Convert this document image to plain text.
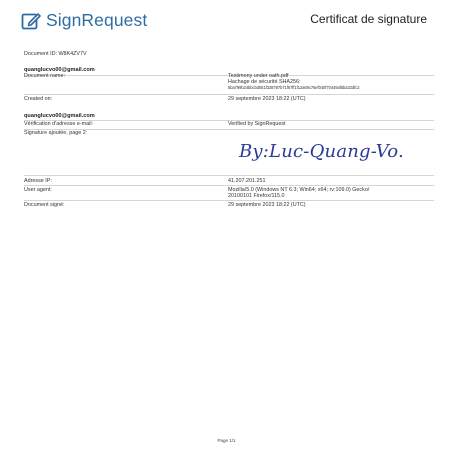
SignRequest	Certificat de signature
Document ID: W8K4ZV7V
quanglucvo00@gmail.com
Document name:	Testimony under oath.pdf
Hachage de sécurité SHA256:
5ba799b24bbcbd051f328787b71f67ff1f12a69c76ef040f70449af5ba32dfc2
Created on:	29 septembre 2023 18:22 (UTC)
quanglucvo00@gmail.com
Vérification d'adresse e-mail:	Verified by SignRequest
Signature ajoutée, page 2:
By:Luc-Quang-Vo.
Adresse IP:	41.207.201.251
User agent:	Mozilla/5.0 (Windows NT 6.3; Win64; x64; rv:109.0) Gecko/
20100101 Firefox/115.0
Document signé:	29 septembre 2023 18:22 (UTC)
Page 1/1
